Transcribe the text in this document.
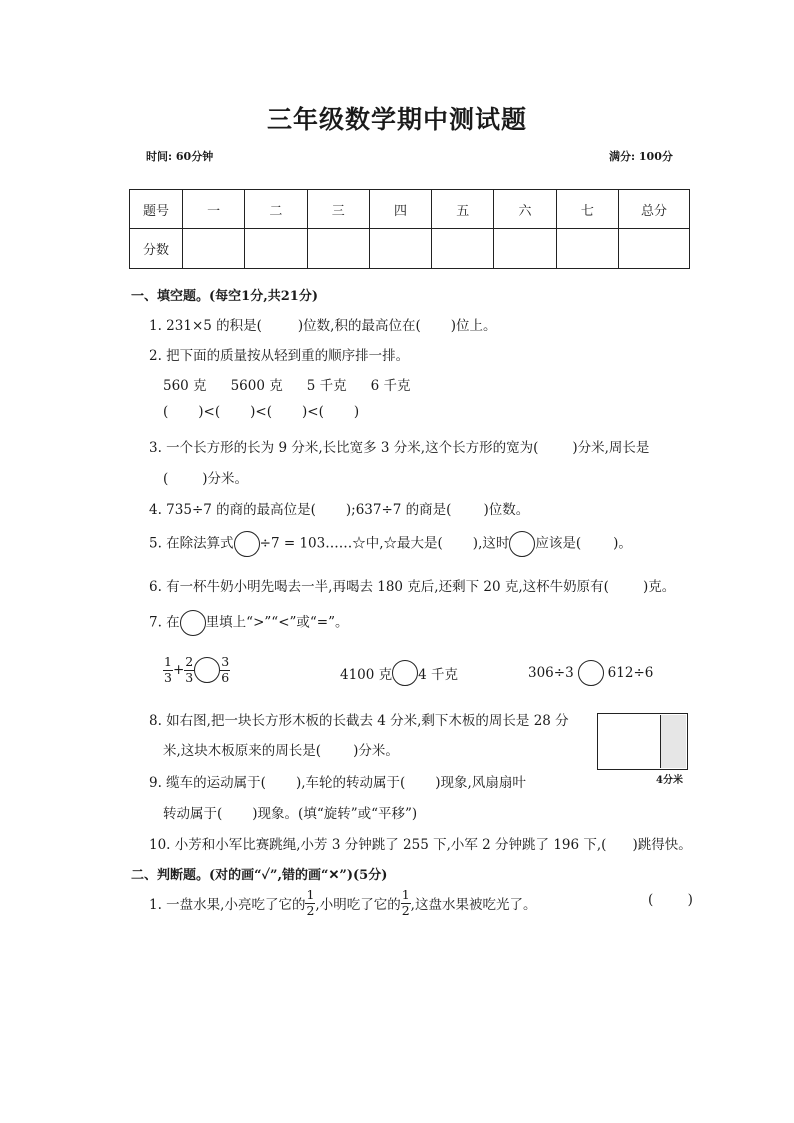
三年级数学期中测试题
时间: 60分钟	满分: 100分
题号	一	二	三	四	五	六	七	总分
分数								
一、填空题。(每空1分,共21分)
1. 231×5 的积是(	)位数,积的最高位在( )位上。
2. 把下面的质量按从轻到重的顺序排一排。
560 克 5600 克 5 千克 6 千克
( )<( )<( )<( )
3. 一个长方形的长为 9 分米,长比宽多 3 分米,这个长方形的宽为(	)分米,周长是
(	)分米。
4. 735÷7 的商的最高位是( );637÷7 的商是( )位数。
5. 在除法算式 ÷7 = 103……☆中,☆最大是( ),这时 应该是( )。
6. 有一杯牛奶小明先喝去一半,再喝去 180 克后,还剩下 20 克,这杯牛奶原有(	)克。
7. 在 里填上“>”“<”或“=”。
$\frac{1}{3} + \frac{2}{3} \frac{3}{6}$	4100 克 4 千克	306÷3	612÷6
8. 如右图,把一块长方形木板的长截去 4 分米,剩下木板的周长是 28 分
米,这块木板原来的周长是( )分米。
4分米
9. 缆车的运动属于( ),车轮的转动属于( )现象,风扇扇叶
转动属于( )现象。(填“旋转”或“平移”)
10. 小芳和小军比赛跳绳,小芳 3 分钟跳了 255 下,小军 2 分钟跳了 196 下,( )跳得快。
二、判断题。(对的画“✓”,错的画“✕”)(5分)
1. 一盘水果,小亮吃了它的 $\frac{1}{2}$ ,小明吃了它的 $\frac{1}{2}$ ,这盘水果被吃光了。	(        )
